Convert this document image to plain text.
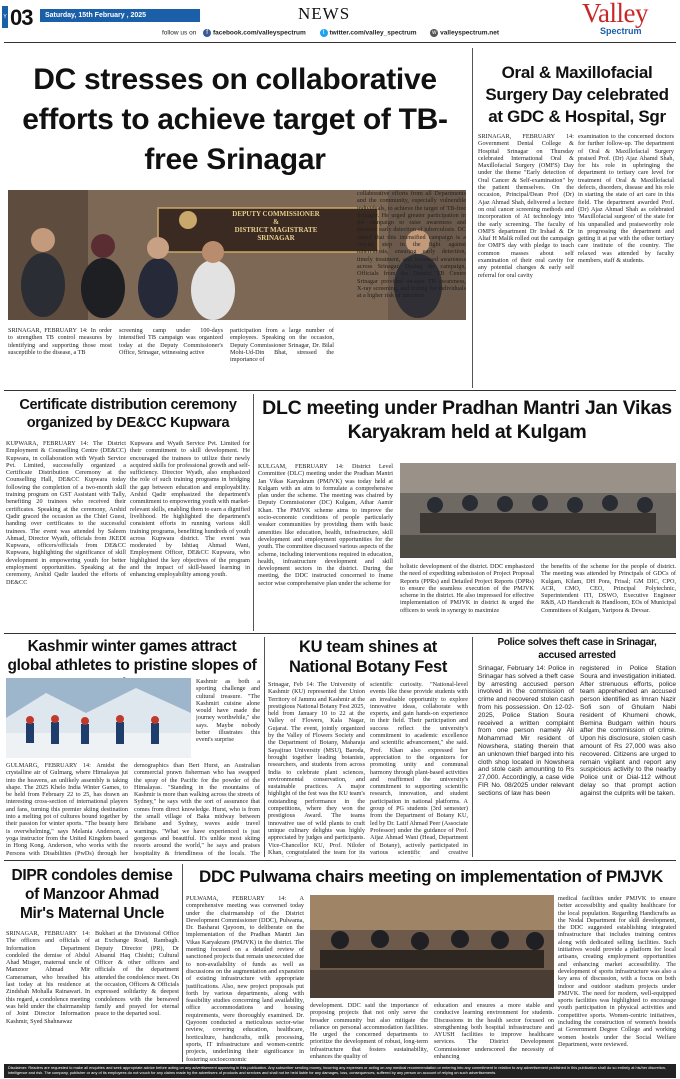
Y 03	Saturday, 15th February , 2025	NEWS
follow us on f facebook.com/valleyspectrum	t twitter.com/valley_spectrum	w valleyspectrum.net
Valley
Spectrum
DC stresses on collaborative efforts to achieve target of TB-free Srinagar
DEPUTY COMMISSIONER
&
DISTRICT MAGISTRATE
SRINAGAR
SRINAGAR, FEBRUARY 14: In order to strengthen TB control measures by identifying and supporting those most susceptible to the disease, a TB
screening camp under 100-days intensified TB campaign was organized today at the Deputy Commissioner's Office, Srinagar, witnessing active
participation from a large number of employees. Speaking on the occasion, Deputy Commissioner Srinagar, Dr. Bilal Mohi-Ud-Din Bhat, stressed the importance of
collaborative efforts from all Departments and the community, especially vulnerable individuals, to achieve the target of TB-free Srinagar. He urged greater participation in the campaign to raise awareness and promote early detection of tuberculosis. DC added that this intensified campaign is a crucial step in the fight against tuberculosis, ensuring early detection, timely treatment, and increased awareness across Srinagar. During the campaign, Officials from the District TB Centre Srinagar provided on-spot TB awareness, X-ray screening, and testing for individuals at a higher risk of infection.
Oral & Maxillofacial Surgery Day celebrated at GDC & Hospital, Sgr
SRINAGAR, FEBRUARY 14: Government Dental College & Hospital Srinagar on Thursday celebrated International Oral & Maxillofacial Surgery (OMFS) Day under the theme "Early detection of Oral Cancer & Self-examination" by the patient themselves. On the occasion, Principal/Dean Prof (Dr) Ajaz Ahmad Shah, delivered a lecture on oral cancer screening methods and incorporation of AI technology into the early screening. The faculty of OMFS department Dr Irshad & Dr Altaf H Malik rolled out the campaign for OMFS day with pledge to teach common masses about self examination of their oral cavity for any potential changes & early self referral for oral cavity
examination to the concerned doctors for further follow-up. The department of Oral & Maxillofacial Surgery praised Prof. (Dr) Ajaz Ahamd Shah, for his role in upbringing the department to tertiary care level for treatment of Oral & Maxillofacial defects, disorders, disease and his role in starting the state of art care in this field. The department awarded Prof. (Dr) Ajaz Ahmad Shah as celebrated 'Maxillofacial surgeon' of the state for his unparalled and praiseworthy role in progressing the department and getting it at par with the other tertiary care institute of the country. The relaxed was attended by faculty members, staff & students.
Certificate distribution ceremony organized by DE&CC Kupwara
KUPWARA, FEBRUARY 14: The District Employment & Counselling Centre (DE&CC) Kupwara, in collaboration with Wyath Service Pvt. Limited, successfully organized a Certificate Distribution Ceremony at the Counselling Hall, DE&CC Kupwara today following the completion of a two-month skill training program on GST Assistant with Tally, benefiting 20 trainees who received their certificates. Speaking at the ceremony, Arshid Qadir graced the occasion as the Chief Guest, handing over certificates to the successful trainees. The event was attended by Saleem Ahmad, Director Wyath, officials from JKEDI Kupwara, officers/officials from DE&CC Kupwara, highlighting the significance of skill development in empowering youth for better employment opportunities. Speaking at the ceremony, Arshid Qadir lauded the efforts of DE&CC
Kupwara and Wyath Service Pvt. Limited for their commitment to skill development. He encouraged the trainees to utilize their newly acquired skills for professional growth and self-sufficiency. Director Wyath, also emphasized the role of such training programs in bridging the gap between education and employability. Arshid Qadir emphasized the department's commitment to empowering youth with market-relevant skills, enabling them to earn a dignified livelihood. He highlighted the department's consistent efforts in running various skill training programs, benefiting hundreds of youth across Kupwara district. The event was moderated by Ishtiaq Ahmad Wani, Employment Officer, DE&CC Kupwara, who highlighted the key objectives of the program and the impact of skill-based learning in enhancing employability among youth.
DLC meeting under Pradhan Mantri Jan Vikas Karyakram held at Kulgam
KULGAM, FEBRUARY 14: District Level Committee (DLC) meeting under the Pradhan Mantri Jan Vikas Karyakram (PMJVK) was today held at Kulgam with an aim to formulate a comprehensive plan under the scheme. The meeting was chaired by Deputy Commissioner (DC) Kulgam, Athar Aamir Khan. The PMJVK scheme aims to improve the socio-economic conditions of people particularly weaker communities by providing them with basic amenities like education, health, infrastructure, skill development and employment opportunities for the youth. The committee discussed various aspects of the scheme, including interventions required in education, health, infrastructure development and skill development sectors in the district. During the meeting, the DDC instructed concerned to frame sector wise comprehensive plan under the scheme for
holistic development of the district. DDC emphasized the need of expediting submission of Project Proposal Reports (PPRs) and Detailed Project Reports (DPRs) to ensure the seamless execution of the PMJVK scheme in the district. He also impressed for effective implementation of PMJVK in district & urged the officers to work in synergy to maximize
the benefits of the scheme for the people of district. The meeting was attended by Principals of GDCs of Kulgam, Kilam, DH Pora, Frisal; GM DIC, CPO, ACR, CMO, CEO, Principal Polytechnic, Superintendent ITI, DSWO, Executive Engineer R&B, AD Handicraft & Handloom, EOs of Municipal Committees of Kulgam, Yaripora & Devsar.
Kashmir winter games attract global athletes to pristine slopes of
Kashmir as both a sporting challenge and cultural treasure. "The Kashmiri cuisine alone would have made the journey worthwhile," she says. Maybe nobody better illustrates this event's surprise
GULMARG, FEBRUARY 14: Amidst the crystalline air of Gulmarg, where Himalayas jut into the heavens, an unlikely assembly is taking shape. The 2025 Khelo India Winter Games, to be held from February 22 to 25, has drawn an interesting cross-section of international players and fans, turning this premier skiing destination into a melting pot of cultures bound together by their passion for winter sports. "The beauty here is overwhelming," says Melania Anderson, a yoga instructor from the United Kingdom based in Hong Kong. Anderson, who works with the Persons with Disabilities (PwDs) through her
demographics than Bert Hurst, an Australian commercial prawn fisherman who has swapped the spray of the Pacific for the powder of the Himalayas. "Standing in the mountains of Kashmir is more than walking across the streets of Sydney," he says with the sort of assurance that comes from direct knowledge. Hurst, who is from the small village of Baka midway between Brisbane and Sydney, waves aside travel warnings. "What we have experienced is just gorgeous and beautiful. It's unlike most skiing resorts around the world," he says and praises hospitality & friendliness of the locals. The
KU team shines at National Botany Fest
Srinagar, Feb 14: The University of Kashmir (KU) represented the Union Territory of Jammu and Kashmir at the prestigious National Botany Fest 2025, held from January 10 to 22 at the Valley of Flowers, Kala Nagar, Gujarat. The event, jointly organized by the Valley of Flowers Society and the Department of Botany, Maharaja Sayajirao University (MSU), Baroda, brought together leading botanists, researchers, and students from across India to celebrate plant sciences, environmental conservation, and sustainable practices. A major highlight of the fest was the KU team's outstanding performance in the competitions, where they won the prestigious Award. The teams innovative use of wild plants to craft unique culinary delights was highly appreciated by judges and participants. Vice-Chancellor KU, Prof. Nilofer Khan, congratulated the team for its
scientific curiosity. "National-level events like these provide students with an invaluable opportunity to explore innovative ideas, collaborate with experts, and gain hands-on experience in their field. Their participation and success reflect the university's commitment to academic excellence and scientific advancement," she said. Prof. Khan also expressed her appreciation to the organizers for promoting unity and communal harmony through plant-based activities and reaffirmed the university's commitment to supporting scientific research, innovation, and student participation in national platforms. A group of PG students (3rd semester) from the Department of Botany KU, led by Dr. Latif Ahmad Peer (Associate Professor) under the guidance of Prof. Aijaz Ahmad Wani (Head, Department of Botany), actively participated in various scientific and creative
Police solves theft case in Srinagar, accused arrested
Srinagar, February 14: Police in Srinagar has solved a theft case by arresting accused person involved in the commission of crime and recovered stolen cash from his possession. On 12-02-2025, Police Station Soura received a written complaint from one person namely Ali Mohammad Mir resident of Nowshera, stating therein that an unknown thief barged into his cloth shop located in Nowshera and stole cash amounting to Rs 27,000. Accordingly, a case vide FIR No. 08/2025 under relevant sections of law has been
registered in Police Station Soura and investigation initiated. After strenuous efforts, police team apprehended an accused person identified as Imran Nazir Sofi son of Ghulam Nabi resident of Khumeni chowk, Bemina Budgam within hours after the commission of crime. Upon his disclosure, stolen cash amount of Rs 27,000 was also recovered. Citizens are urged to remain vigilant and report any suspicious activity to the nearby Police unit or Dial-112 without delay so that prompt action against the culprits will be taken.
DIPR condoles demise of Manzoor Ahmad Mir's Maternal Uncle
SRINAGAR, FEBRUARY 14: The officers and officials of Information Department condoled the demise of Abdul Ahad Misger, maternal uncle of Manzoor Ahmad Mir Cameraman, who breathed his last today at his residence at Zindshah Mohalla Rainawari. In this regard, a condolence meeting was held under the chairmanship of Joint Director Information Kashmir, Syed Shahnawaz
Bukhari at the Divisional Office at Exchange Road, Rambagh. Deputy Director (PR), Dr Ahsanul Haq Chishti; Cultural Officer & other officers and officials of the department attended the condolence meet. On the occasion, Officers & Officials expressed solidarity & deepest condolences with the bereaved family and prayed for eternal peace to the departed soul.
DDC Pulwama chairs meeting on implementation of PMJVK
PULWAMA, FEBRUARY 14: A comprehensive meeting was convened today under the chairmanship of the District Development Commissioner (DDC), Pulwama, Dr. Basharat Qayoom, to deliberate on the implementation of the Pradhan Mantri Jan Vikas Karyakram (PMJVK) in the district. The meeting focused on a detailed review of sanctioned projects that remain unexecuted due to non-availability of funds as well as discussions on the augmentation and expansion of existing infrastructure with appropriate justifications. Also, new project proposals put forth by various departments, along with feasibility studies concerning land availability, office accommodations and housing requirements, were thoroughly examined. Dr. Qayoom conducted a meticulous sector-wise review, covering education, healthcare, horticulture, handicrafts, milk processing, sports, IT infrastructure and women-centric projects, underlining their significance in fostering socioeconomic
development. DDC said the importance of proposing projects that not only serve the broader community but also mitigate the reliance on personal accommodation facilities. He urged the concerned departments to prioritize the development of robust, long-term infrastructure that fosters sustainability, enhances the quality of
education and ensures a more stable and conducive learning environment for students. Discussions in the health sector focused on strengthening both hospital infrastructure and AYUSH facilities to improve healthcare services. The District Development Commissioner underscored the necessity of enhancing
medical facilities under PMJVK to ensure better accessibility and quality healthcare for the local population. Regarding Handicrafts as the Nodal Department for skill development, the DDC suggested establishing integrated infrastructure that includes training centres along with dedicated selling facilities. Such initiatives would provide a platform for local artisans, creating employment opportunities and enhancing market accessibility. The development of sports infrastructure was also a key area of discussion, with a focus on both indoor and outdoor stadium projects under PMJVK. The need for modern, well-equipped sports facilities was highlighted to encourage youth participation in physical activities and competitive sports. Women-centric initiatives, including the construction of women's hostels at Government Degree College and working women hostels under the Social Welfare Department, were reviewed.
Disclaimer: Readers are requested to make all enquiries and seek appropriate advice before acting on any advertisement appearing in this publication. Any subscriber sending money, incurring any expenses or acting on any medical recommendation or entering into any commitment in relation to any advertisement published in this publication shall do so entirely at his/her discretion, intelligence and risk. The company, publisher or any of its employees do not vouch for any claims made by the advertisers of products and services and shall not be held liable for any damages, loss, consequences, suffered by any person on account of relying on such advertisements.
